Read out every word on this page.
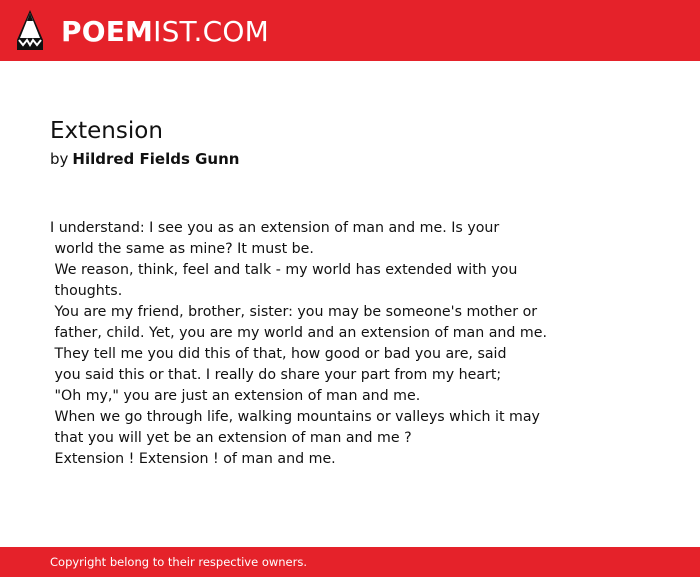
POEMIST.COM
Extension
by Hildred Fields Gunn
I understand: I see you as an extension of man and me. Is your
world the same as mine? It must be.
We reason, think, feel and talk - my world has extended with you
thoughts.
You are my friend, brother, sister: you may be someone's mother or
father, child. Yet, you are my world and an extension of man and me.
They tell me you did this of that, how good or bad you are, said
you said this or that. I really do share your part from my heart;
"Oh my," you are just an extension of man and me.
When we go through life, walking mountains or valleys which it may
that you will yet be an extension of man and me ?
Extension ! Extension ! of man and me.
Copyright belong to their respective owners.
